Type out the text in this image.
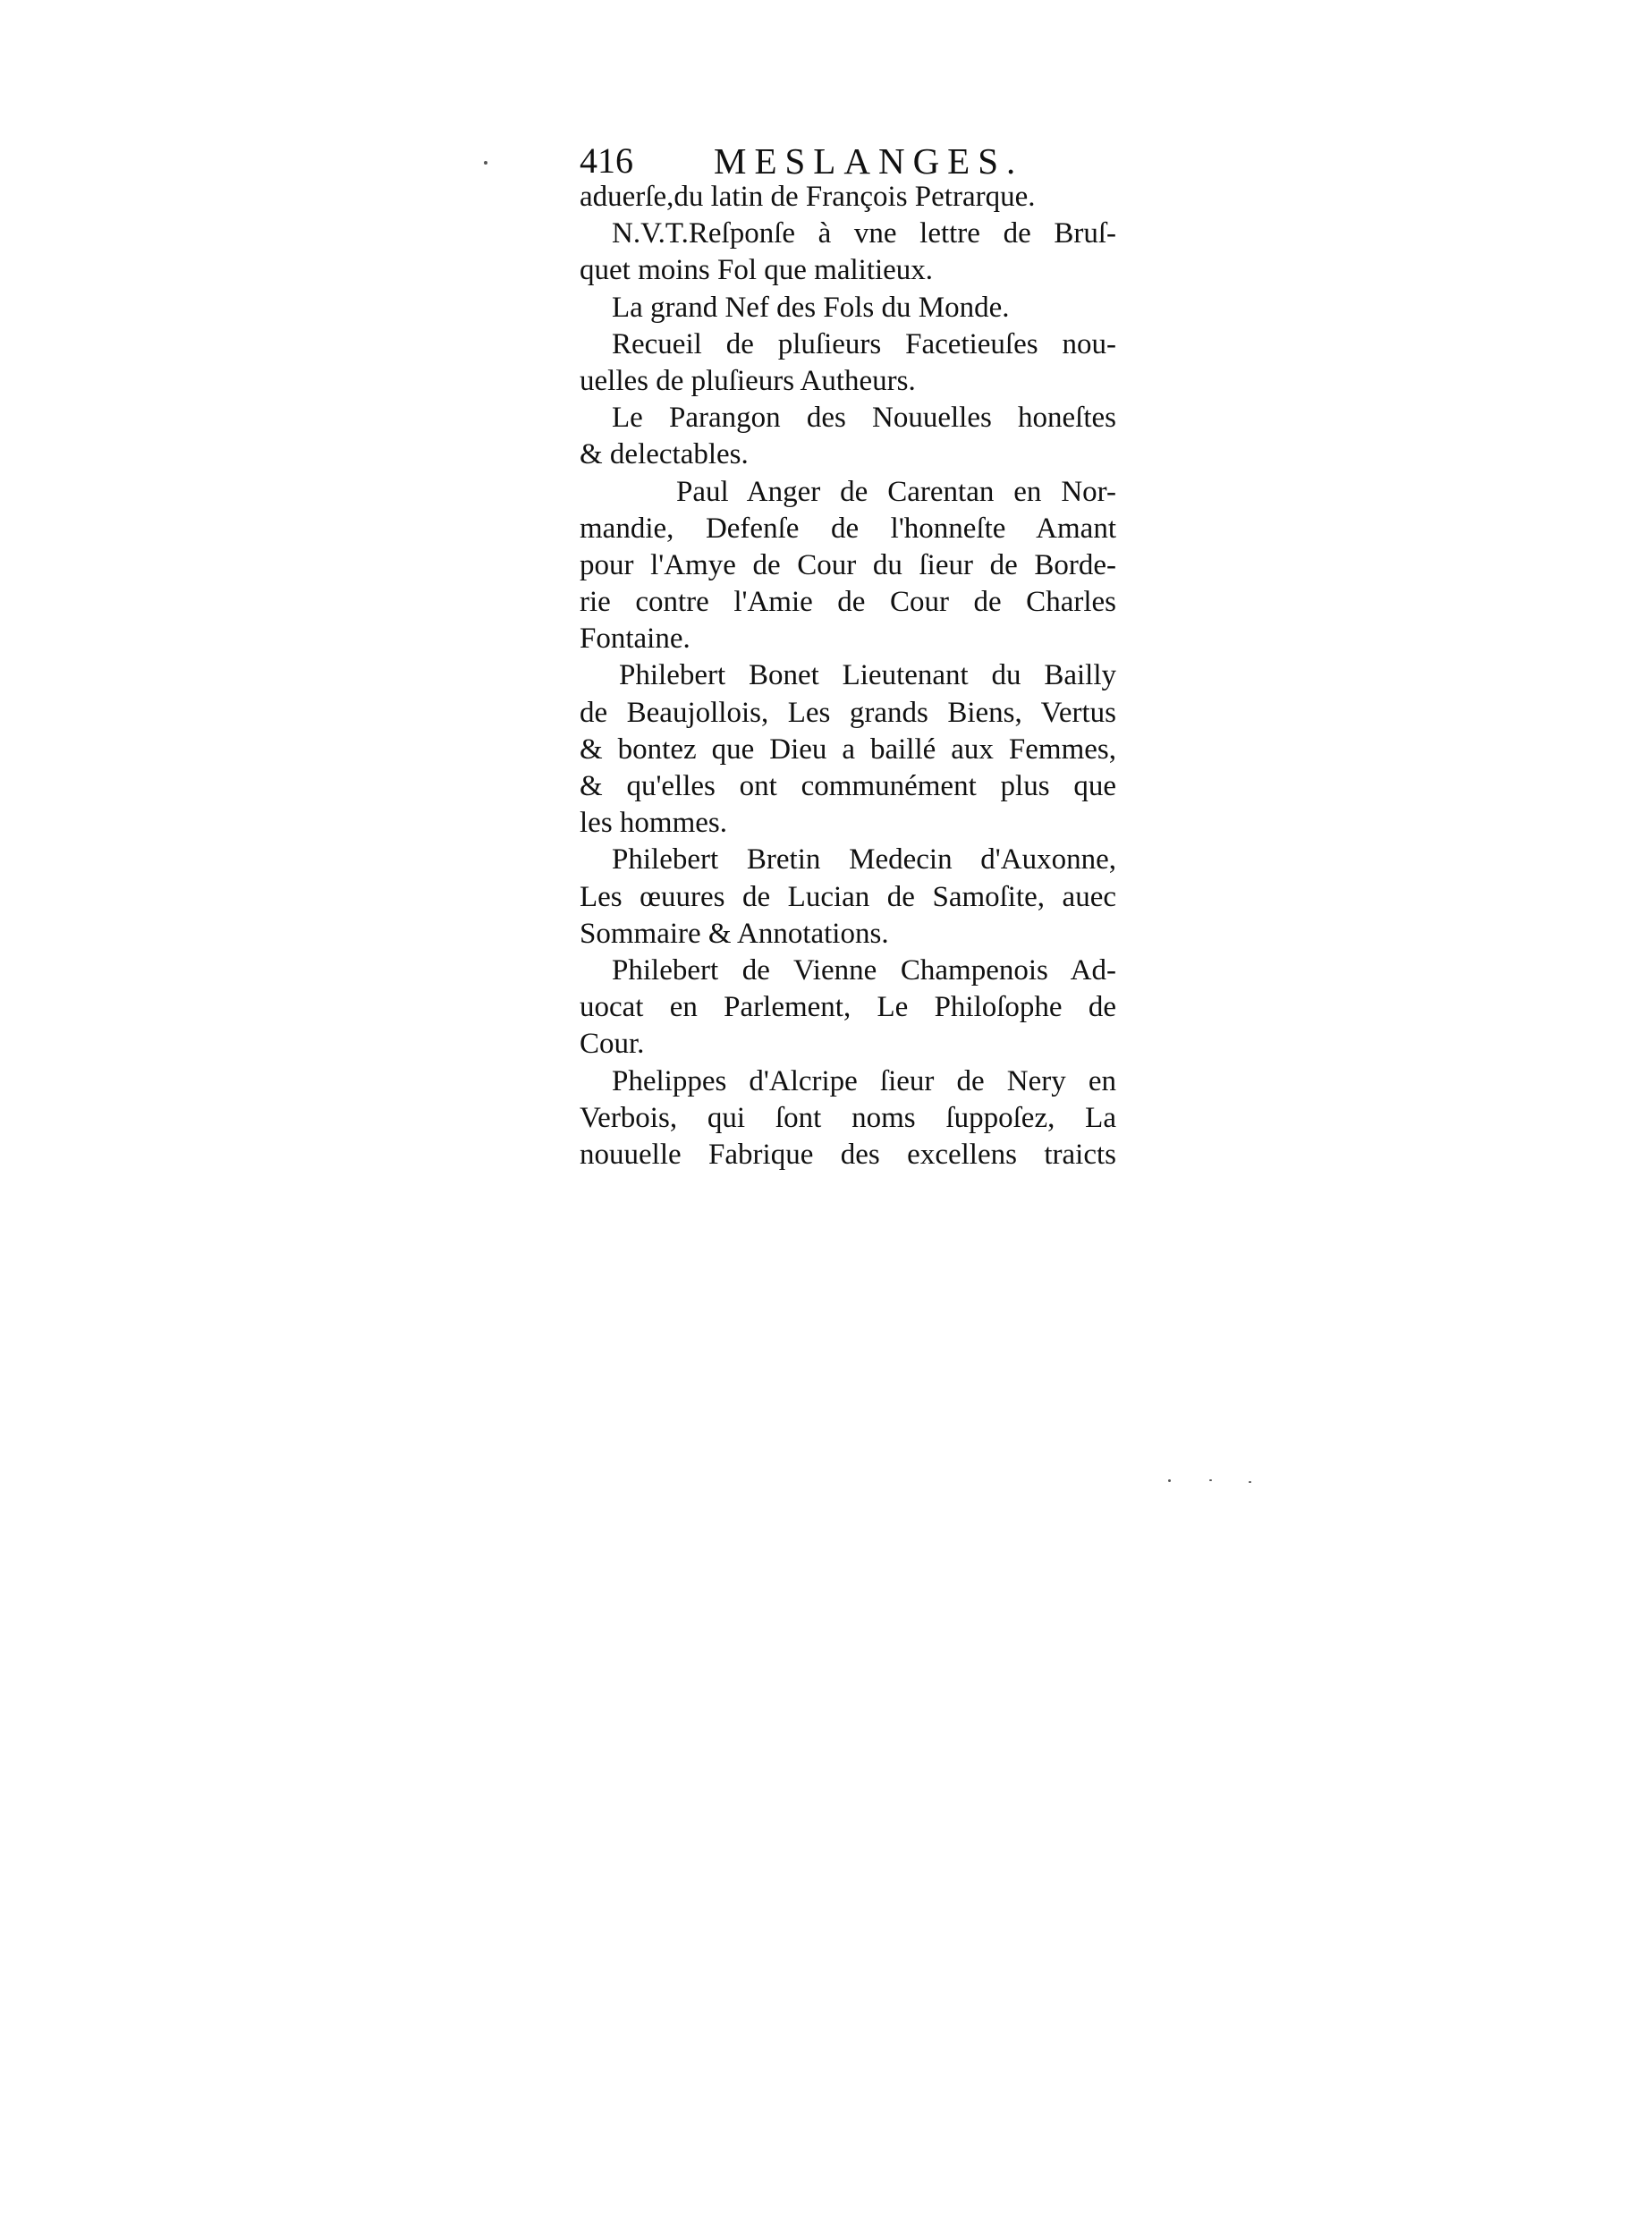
416 MESLANGES.
aduerſe,du latin de François Petrarque.
N.V.T.Reſponſe à vne lettre de Bruſ-
quet moins Fol que malitieux.
La grand Nef des Fols du Monde.
Recueil de pluſieurs Facetieuſes nou-
uelles de pluſieurs Autheurs.
Le Parangon des Nouuelles honeſtes
& delectables.
Paul Anger de Carentan en Nor-
mandie, Defenſe de l'honneſte Amant
pour l'Amye de Cour du ſieur de Borde-
rie contre l'Amie de Cour de Charles
Fontaine.
Philebert Bonet Lieutenant du Bailly
de Beaujollois, Les grands Biens, Vertus
& bontez que Dieu a baillé aux Femmes,
& qu'elles ont communément plus que
les hommes.
Philebert Bretin Medecin d'Auxonne,
Les œuures de Lucian de Samoſite, auec
Sommaire & Annotations.
Philebert de Vienne Champenois Ad-
uocat en Parlement, Le Philoſophe de
Cour.
Phelippes d'Alcripe ſieur de Nery en
Verbois, qui ſont noms ſuppoſez, La
nouuelle Fabrique des excellens traicts
